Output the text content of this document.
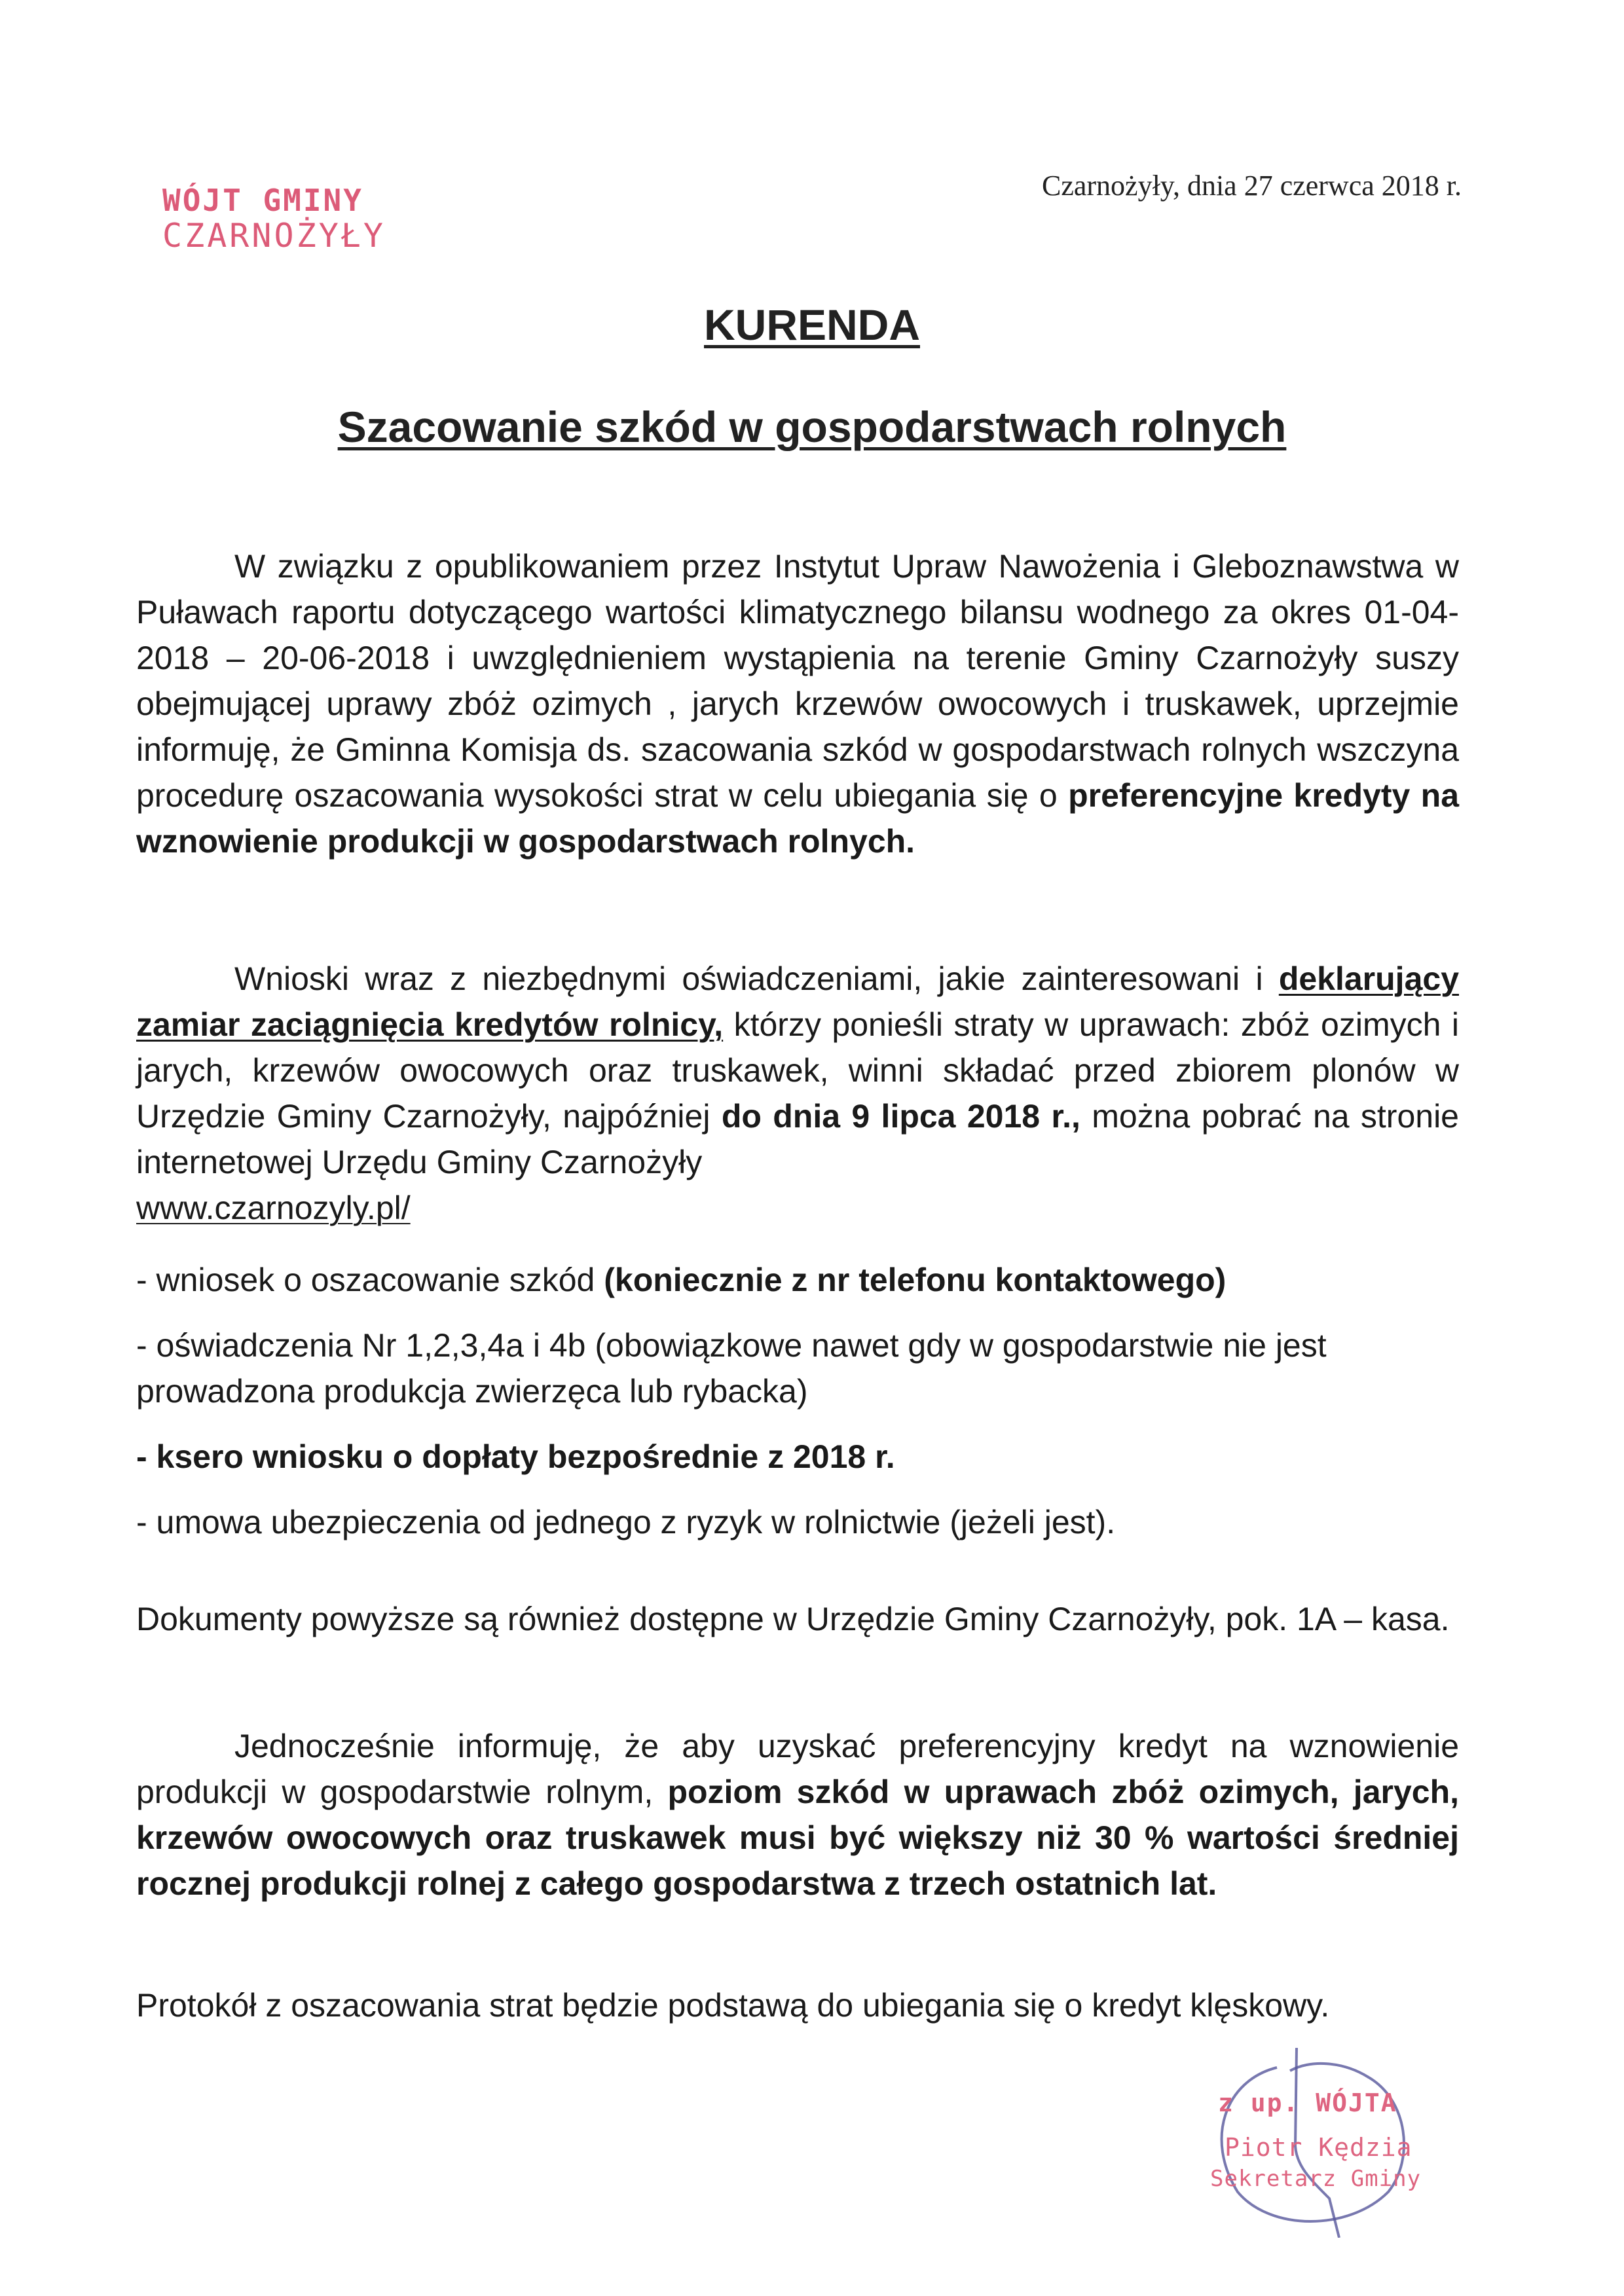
WÓJT GMINY
CZARNOŻYŁY
Czarnożyły, dnia 27 czerwca 2018 r.
KURENDA
Szacowanie szkód w gospodarstwach rolnych

W związku z opublikowaniem przez Instytut Upraw Nawożenia i Gleboznawstwa w Puławach raportu dotyczącego wartości klimatycznego bilansu wodnego za okres 01-04-2018 – 20-06-2018 i uwzględnieniem wystąpienia na terenie Gminy Czarnożyły suszy obejmującej uprawy zbóż ozimych , jarych krzewów owocowych i truskawek, uprzejmie informuję, że Gminna Komisja ds. szacowania szkód w gospodarstwach rolnych wszczyna procedurę oszacowania wysokości strat w celu ubiegania się o preferencyjne kredyty na wznowienie produkcji w gospodarstwach rolnych.

Wnioski wraz z niezbędnymi oświadczeniami, jakie zainteresowani i deklarujący zamiar zaciągnięcia kredytów rolnicy, którzy ponieśli straty w uprawach: zbóż ozimych i jarych, krzewów owocowych oraz truskawek, winni składać przed zbiorem plonów w Urzędzie Gminy Czarnożyły, najpóźniej do dnia 9 lipca 2018 r., można pobrać na stronie internetowej Urzędu Gminy Czarnożyły

www.czarnozyly.pl/

- wniosek o oszacowanie szkód (koniecznie z nr telefonu kontaktowego)

- oświadczenia Nr 1,2,3,4a i 4b (obowiązkowe nawet gdy w gospodarstwie nie jest prowadzona produkcja zwierzęca lub rybacka)

- ksero wniosku o dopłaty bezpośrednie z 2018 r.

- umowa ubezpieczenia od jednego z ryzyk w rolnictwie (jeżeli jest).

Dokumenty powyższe są również dostępne w Urzędzie Gminy Czarnożyły, pok. 1A – kasa.

Jednocześnie informuję, że aby uzyskać preferencyjny kredyt na wznowienie produkcji w gospodarstwie rolnym, poziom szkód w uprawach zbóż ozimych, jarych, krzewów owocowych oraz truskawek musi być większy niż 30 % wartości średniej rocznej produkcji rolnej z całego gospodarstwa z trzech ostatnich lat.

Protokół z oszacowania strat będzie podstawą do ubiegania się o kredyt klęskowy.

z up. WÓJTA
Piotr Kędzia
Sekretarz Gminy
